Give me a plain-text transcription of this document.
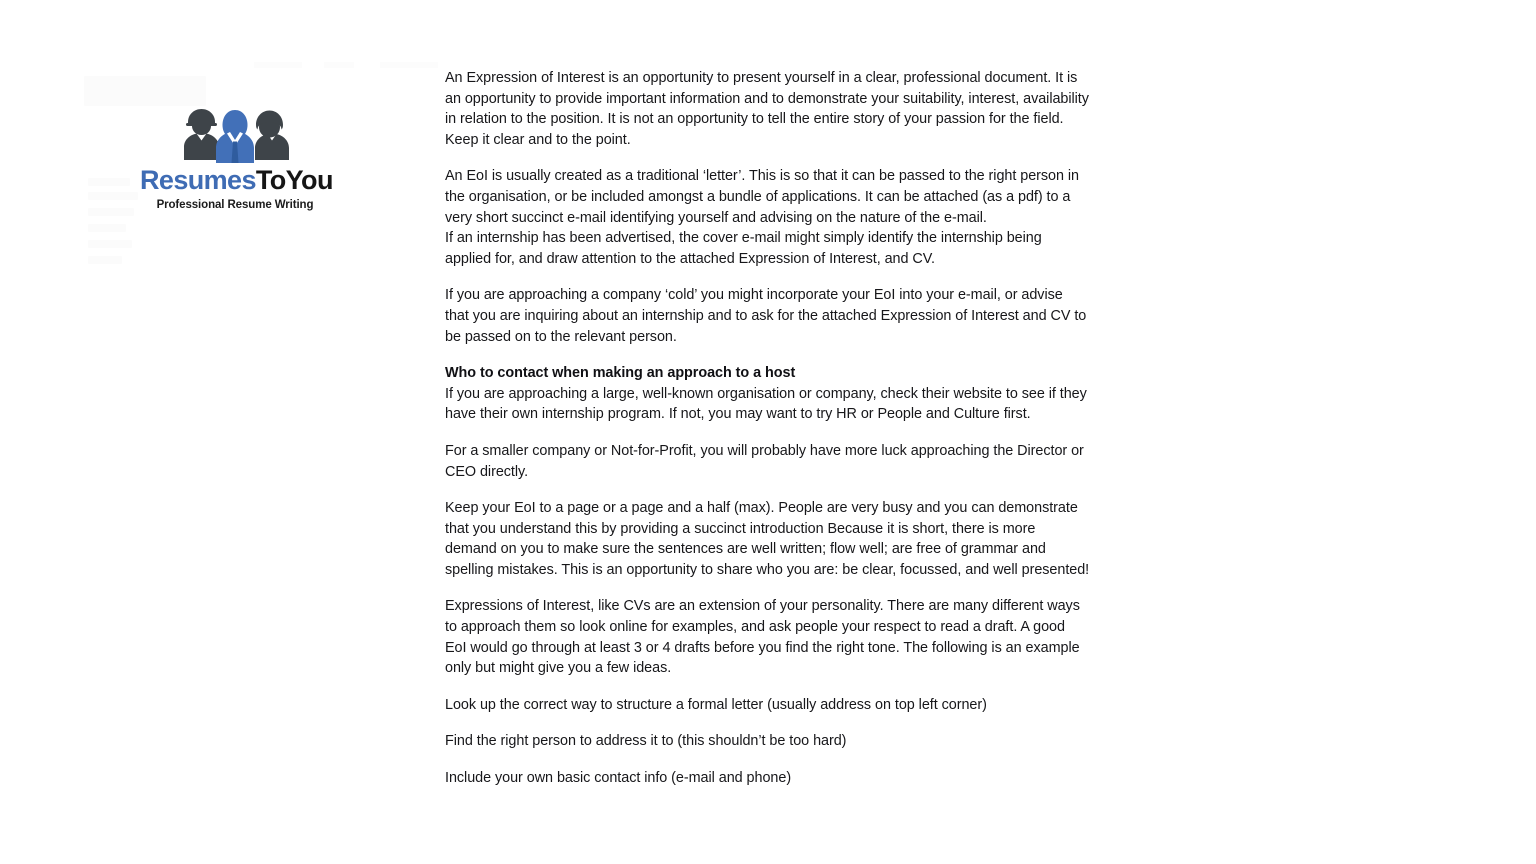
ResumesToYou
Professional Resume Writing

An Expression of Interest is an opportunity to present yourself in a clear, professional document. It is an opportunity to provide important information and to demonstrate your suitability, interest, availability in relation to the position. It is not an opportunity to tell the entire story of your passion for the field. Keep it clear and to the point.

An EoI is usually created as a traditional ‘letter’. This is so that it can be passed to the right person in the organisation, or be included amongst a bundle of applications. It can be attached (as a pdf) to a very short succinct e-mail identifying yourself and advising on the nature of the e-mail.

If an internship has been advertised, the cover e-mail might simply identify the internship being applied for, and draw attention to the attached Expression of Interest, and CV.

If you are approaching a company ‘cold’ you might incorporate your EoI into your e-mail, or advise that you are inquiring about an internship and to ask for the attached Expression of Interest and CV to be passed on to the relevant person.

Who to contact when making an approach to a host

If you are approaching a large, well-known organisation or company, check their website to see if they have their own internship program. If not, you may want to try HR or People and Culture first.

For a smaller company or Not-for-Profit, you will probably have more luck approaching the Director or CEO directly.

Keep your EoI to a page or a page and a half (max). People are very busy and you can demonstrate that you understand this by providing a succinct introduction Because it is short, there is more demand on you to make sure the sentences are well written; flow well; are free of grammar and spelling mistakes. This is an opportunity to share who you are: be clear, focussed, and well presented!

Expressions of Interest, like CVs are an extension of your personality. There are many different ways to approach them so look online for examples, and ask people your respect to read a draft. A good EoI would go through at least 3 or 4 drafts before you find the right tone. The following is an example only but might give you a few ideas.

Look up the correct way to structure a formal letter (usually address on top left corner)

Find the right person to address it to (this shouldn’t be too hard)

Include your own basic contact info (e-mail and phone)
